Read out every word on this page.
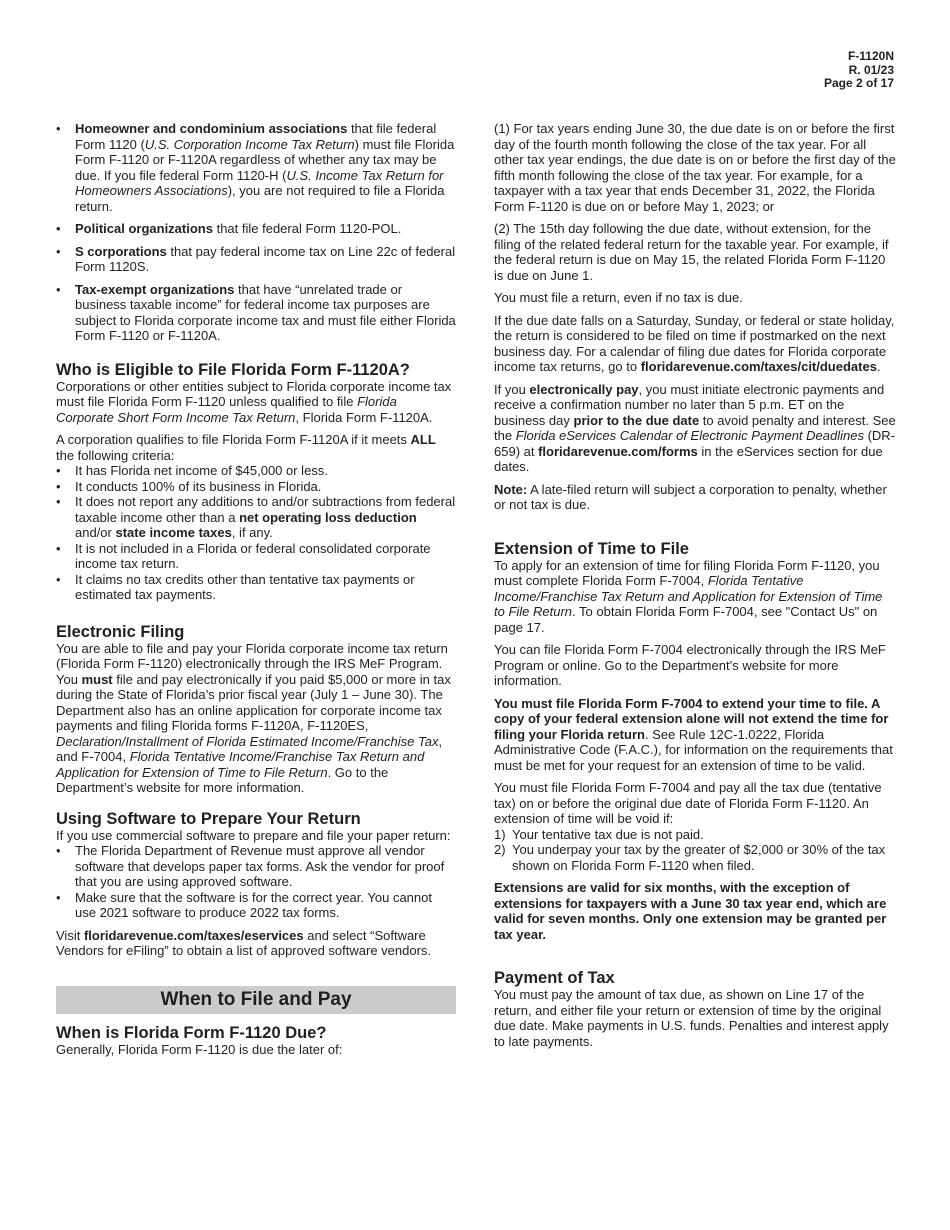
F-1120N
R. 01/23
Page 2 of 17
• Homeowner and condominium associations that file federal Form 1120 (U.S. Corporation Income Tax Return) must file Florida Form F-1120 or F-1120A regardless of whether any tax may be due. If you file federal Form 1120-H (U.S. Income Tax Return for Homeowners Associations), you are not required to file a Florida return.
• Political organizations that file federal Form 1120-POL.
• S corporations that pay federal income tax on Line 22c of federal Form 1120S.
• Tax-exempt organizations that have “unrelated trade or business taxable income” for federal income tax purposes are subject to Florida corporate income tax and must file either Florida Form F-1120 or F-1120A.
Who is Eligible to File Florida Form F-1120A?

Corporations or other entities subject to Florida corporate income tax must file Florida Form F-1120 unless qualified to file Florida Corporate Short Form Income Tax Return, Florida Form F-1120A.

A corporation qualifies to file Florida Form F-1120A if it meets ALL the following criteria:

• It has Florida net income of $45,000 or less.
• It conducts 100% of its business in Florida.
• It does not report any additions to and/or subtractions from federal taxable income other than a net operating loss deduction and/or state income taxes, if any.
• It is not included in a Florida or federal consolidated corporate income tax return.
• It claims no tax credits other than tentative tax payments or estimated tax payments.
Electronic Filing

You are able to file and pay your Florida corporate income tax return (Florida Form F-1120) electronically through the IRS MeF Program. You must file and pay electronically if you paid $5,000 or more in tax during the State of Florida’s prior fiscal year (July 1 – June 30). The Department also has an online application for corporate income tax payments and filing Florida forms F-1120A, F-1120ES, Declaration/Installment of Florida Estimated Income/Franchise Tax, and F-7004, Florida Tentative Income/Franchise Tax Return and Application for Extension of Time to File Return. Go to the Department’s website for more information.

Using Software to Prepare Your Return
If you use commercial software to prepare and file your paper return:
• The Florida Department of Revenue must approve all vendor software that develops paper tax forms. Ask the vendor for proof that you are using approved software.
• Make sure that the software is for the correct year. You cannot use 2021 software to produce 2022 tax forms.

Visit floridarevenue.com/taxes/eservices and select “Software Vendors for eFiling” to obtain a list of approved software vendors.

When to File and Pay
When is Florida Form F-1120 Due?
Generally, Florida Form F-1120 is due the later of:

(1) For tax years ending June 30, the due date is on or before the first day of the fourth month following the close of the tax year. For all other tax year endings, the due date is on or before the first day of the fifth month following the close of the tax year. For example, for a taxpayer with a tax year that ends December 31, 2022, the Florida Form F-1120 is due on or before May 1, 2023; or

(2) The 15th day following the due date, without extension, for the filing of the related federal return for the taxable year. For example, if the federal return is due on May 15, the related Florida Form F-1120 is due on June 1.

You must file a return, even if no tax is due.

If the due date falls on a Saturday, Sunday, or federal or state holiday, the return is considered to be filed on time if postmarked on the next business day. For a calendar of filing due dates for Florida corporate income tax returns, go to floridarevenue.com/taxes/cit/duedates.

If you electronically pay, you must initiate electronic payments and receive a confirmation number no later than 5 p.m. ET on the business day prior to the due date to avoid penalty and interest. See the Florida eServices Calendar of Electronic Payment Deadlines (DR-659) at floridarevenue.com/forms in the eServices section for due dates.

Note: A late-filed return will subject a corporation to penalty, whether or not tax is due.

Extension of Time to File

To apply for an extension of time for filing Florida Form F-1120, you must complete Florida Form F-7004, Florida Tentative Income/Franchise Tax Return and Application for Extension of Time to File Return. To obtain Florida Form F-7004, see "Contact Us" on page 17.

You can file Florida Form F-7004 electronically through the IRS MeF Program or online. Go to the Department’s website for more information.

You must file Florida Form F-7004 to extend your time to file. A copy of your federal extension alone will not extend the time for filing your Florida return. See Rule 12C-1.0222, Florida Administrative Code (F.A.C.), for information on the requirements that must be met for your request for an extension of time to be valid.

You must file Florida Form F-7004 and pay all the tax due (tentative tax) on or before the original due date of Florida Form F-1120. An extension of time will be void if:
1) Your tentative tax due is not paid.
2) You underpay your tax by the greater of $2,000 or 30% of the tax shown on Florida Form F-1120 when filed.

Extensions are valid for six months, with the exception of extensions for taxpayers with a June 30 tax year end, which are valid for seven months. Only one extension may be granted per tax year.

Payment of Tax
You must pay the amount of tax due, as shown on Line 17 of the return, and either file your return or extension of time by the original due date. Make payments in U.S. funds. Penalties and interest apply to late payments.
